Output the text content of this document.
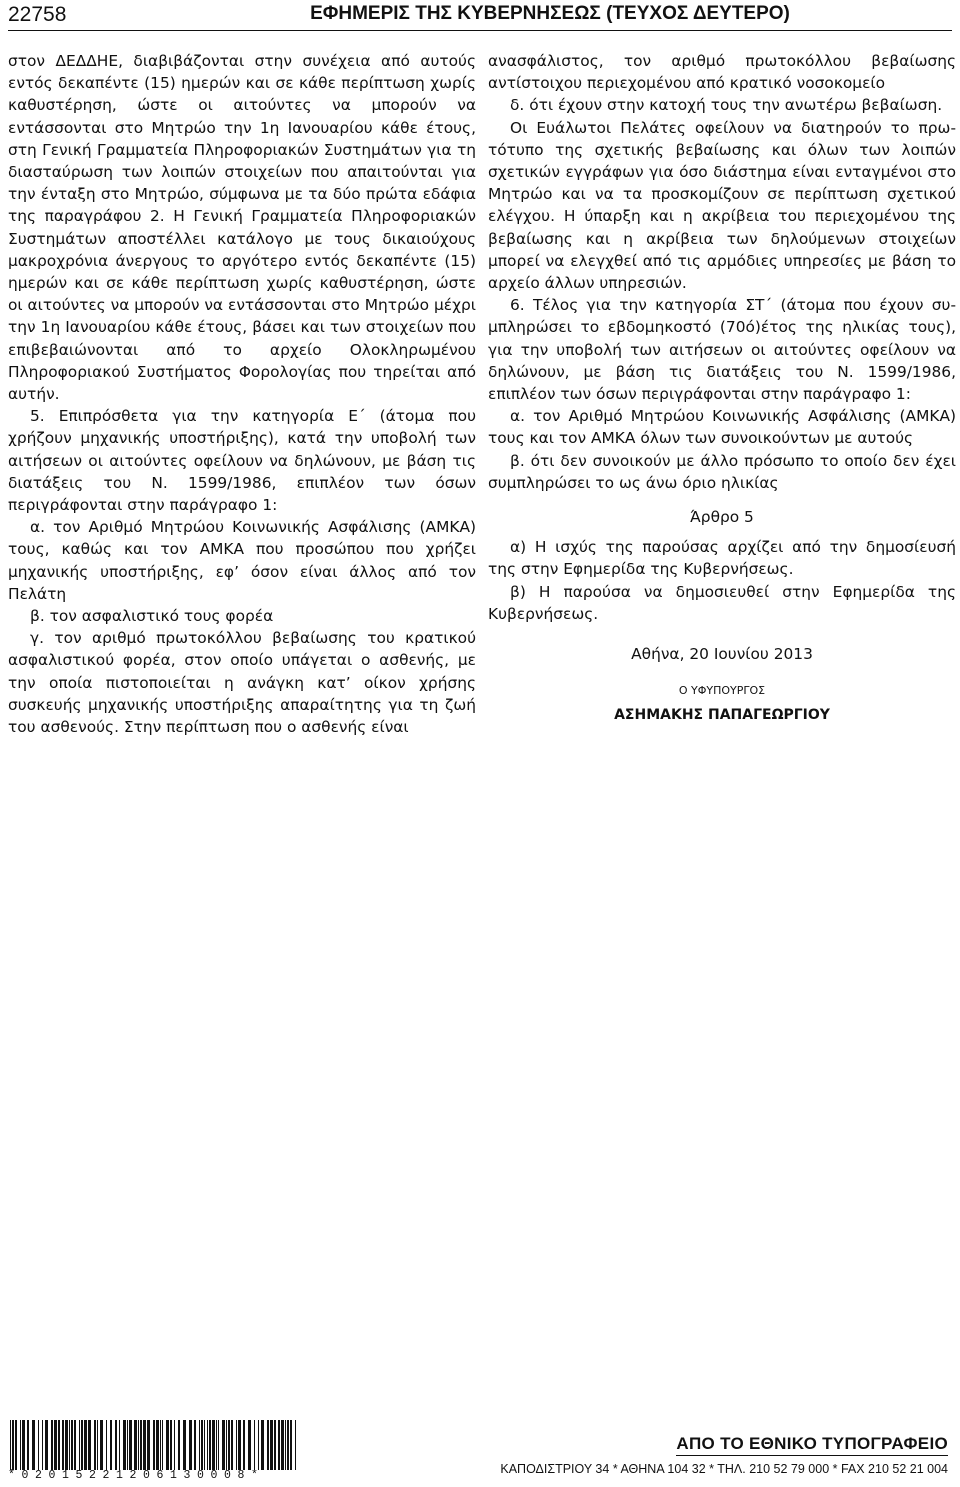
22758	ΕΦΗΜΕΡΙΣ ΤΗΣ ΚΥΒΕΡΝΗΣΕΩΣ (ΤΕΥΧΟΣ ΔΕΥΤΕΡΟ)

στον ΔΕΔΔΗΕ, διαβιβάζονται στην συνέχεια από αυτούς εντός δεκαπέντε (15) ημερών και σε κάθε περίπτωση χωρίς καθυστέρηση, ώστε οι αιτούντες να μπορούν να εντάσσονται στο Μητρώο την 1η Ιανουαρίου κάθε έτους, στη Γενική Γραμματεία Πληροφοριακών Συστημάτων για τη διασταύρωση των λοιπών στοιχείων που απαιτούνται για την ένταξη στο Μητρώο, σύμφωνα με τα δύο πρώτα εδάφια της παραγράφου 2. Η Γενική Γραμματεία Πληροφοριακών Συστημάτων αποστέλλει κατάλογο με τους δικαιούχους μακροχρόνια άνεργους το αργότερο εντός δεκαπέντε (15) ημερών και σε κάθε περίπτωση χωρίς καθυστέρηση, ώστε οι αιτούντες να μπορούν να εντάσσονται στο Μητρώο μέχρι την 1η Ιανουαρίου κάθε έτους, βάσει και των στοιχείων που επιβεβαιώνονται από το αρχείο Ολοκληρωμένου Πληροφοριακού Συστήματος Φορολογίας που τηρείται από αυτήν.

5. Επιπρόσθετα για την κατηγορία Ε΄ (άτομα που χρήζουν μηχανικής υποστήριξης), κατά την υποβολή των αιτήσεων οι αιτούντες οφείλουν να δηλώνουν, με βάση τις διατάξεις του Ν. 1599/1986, επιπλέον των όσων περιγράφονται στην παράγραφο 1:

α. τον Αριθμό Μητρώου Κοινωνικής Ασφάλισης (ΑΜΚΑ) τους, καθώς και τον ΑΜΚΑ που προσώπου που χρήζει μηχανικής υποστήριξης, εφ’ όσον είναι άλλος από τον Πελάτη

β. τον ασφαλιστικό τους φορέα

γ. τον αριθμό πρωτοκόλλου βεβαίωσης του κρατικού ασφαλιστικού φορέα, στον οποίο υπάγεται ο ασθενής, με την οποία πιστοποιείται η ανάγκη κατ’ οίκον χρήσης συσκευής μηχανικής υποστήριξης απαραίτητης για τη ζωή του ασθενούς. Στην περίπτωση που ο ασθενής είναι

ανασφάλιστος, τον αριθμό πρωτοκόλλου βεβαίωσης αντίστοιχου περιεχομένου από κρατικό νοσοκομείο

δ. ότι έχουν στην κατοχή τους την ανωτέρω βεβαίωση.

Οι Ευάλωτοι Πελάτες οφείλουν να διατηρούν το πρωτότυπο της σχετικής βεβαίωσης και όλων των λοιπών σχετικών εγγράφων για όσο διάστημα είναι ενταγμένοι στο Μητρώο και να τα προσκομίζουν σε περίπτωση σχετικού ελέγχου. Η ύπαρξη και η ακρίβεια του περιεχομένου της βεβαίωσης και η ακρίβεια των δηλούμενων στοιχείων μπορεί να ελεγχθεί από τις αρμόδιες υπηρεσίες με βάση το αρχείο άλλων υπηρεσιών.

6. Τέλος για την κατηγορία ΣΤ΄ (άτομα που έχουν συμπληρώσει το εβδομηκοστό (70ό)έτος της ηλικίας τους), για την υποβολή των αιτήσεων οι αιτούντες οφείλουν να δηλώνουν, με βάση τις διατάξεις του Ν. 1599/1986, επιπλέον των όσων περιγράφονται στην παράγραφο 1:

α. τον Αριθμό Μητρώου Κοινωνικής Ασφάλισης (ΑΜΚΑ) τους και τον ΑΜΚΑ όλων των συνοικούντων με αυτούς

β. ότι δεν συνοικούν με άλλο πρόσωπο το οποίο δεν έχει συμπληρώσει το ως άνω όριο ηλικίας

Άρθρο 5

α) Η ισχύς της παρούσας αρχίζει από την δημοσίευσή της στην Εφημερίδα της Κυβερνήσεως.

β) Η παρούσα να δημοσιευθεί στην Εφημερίδα της Κυβερνήσεως.

Αθήνα, 20 Ιουνίου 2013

Ο ΥΦΥΠΟΥΡΓΟΣ

ΑΣΗΜΑΚΗΣ ΠΑΠΑΓΕΩΡΓΙΟΥ

*02015221206130008*
ΑΠΟ ΤΟ ΕΘΝΙΚΟ ΤΥΠΟΓΡΑΦΕΙΟ
ΚΑΠΟΔΙΣΤΡΙΟΥ 34 * ΑΘΗΝΑ 104 32 * ΤΗΛ. 210 52 79 000 * FAX 210 52 21 004
